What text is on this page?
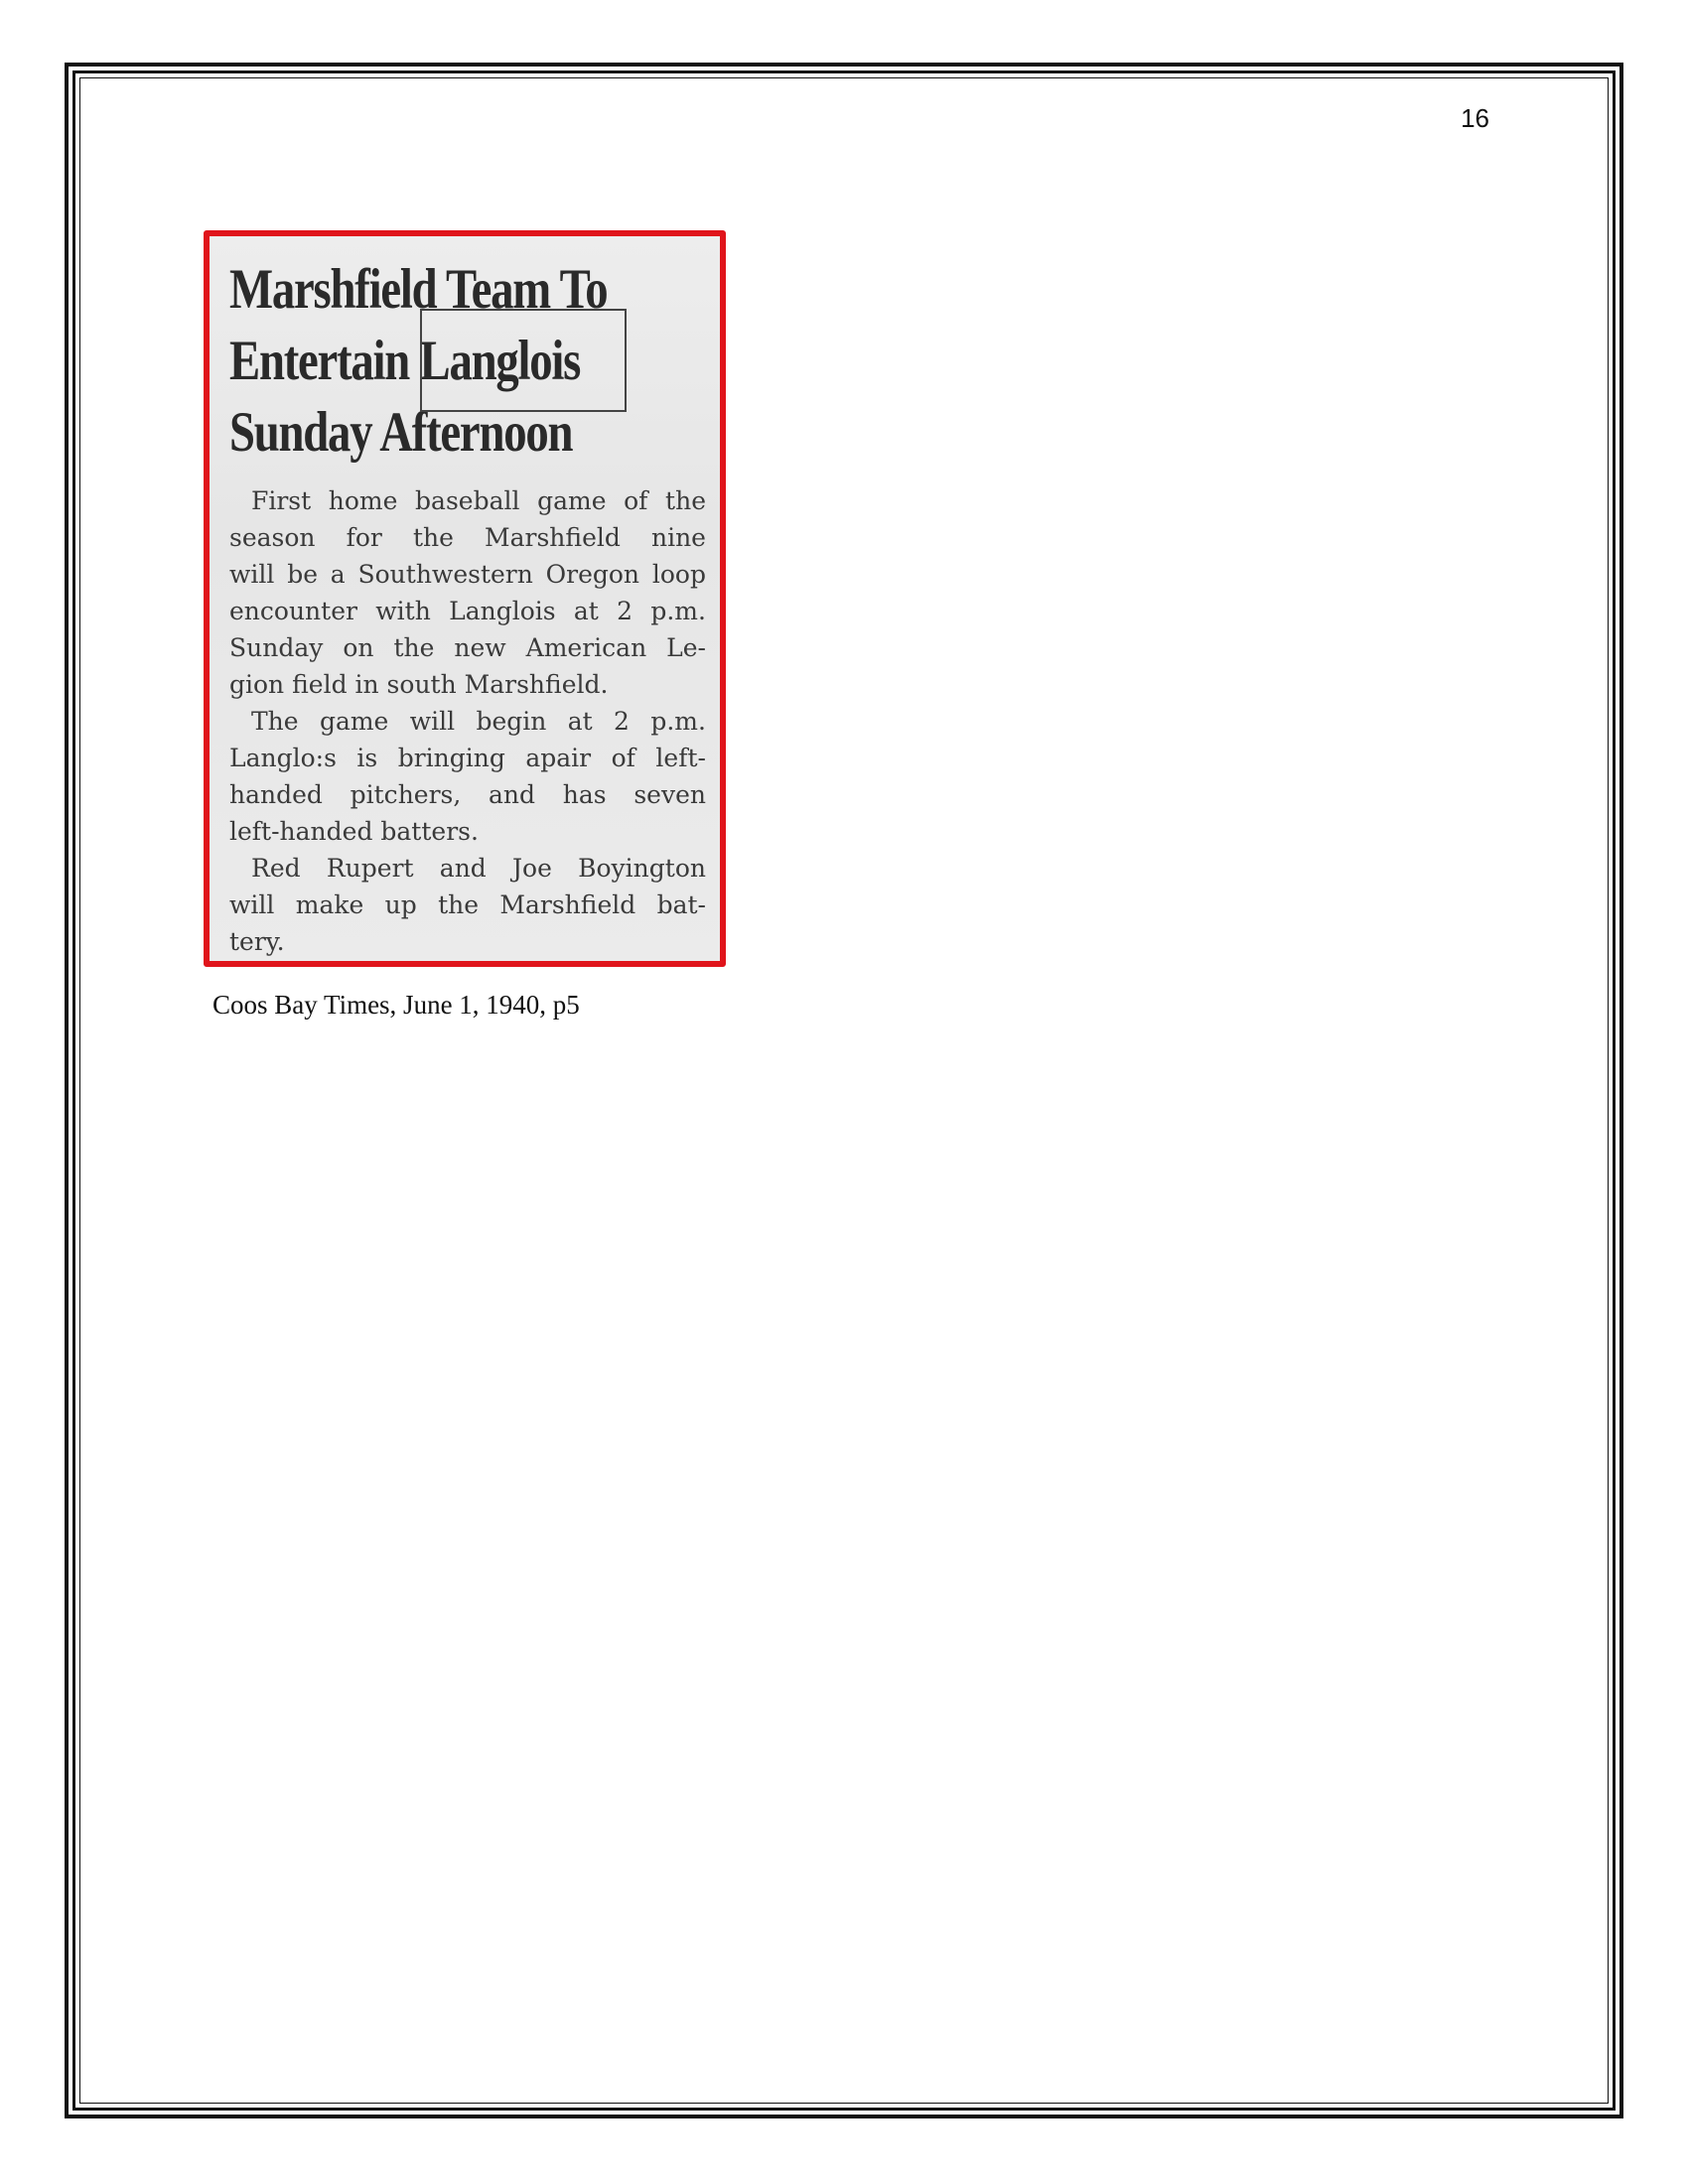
16
Marshfield Team To
Entertain Langlois
Sunday Afternoon
First home baseball game of the
season for the Marshfield nine
will be a Southwestern Oregon loop
encounter with Langlois at 2 p.m.
Sunday on the new American Le-
gion field in south Marshfield.
The game will begin at 2 p.m.
Langlo:s is bringing apair of left-
handed pitchers, and has seven
left-handed batters.
Red Rupert and Joe Boyington
will make up the Marshfield bat-
tery.
Coos Bay Times, June 1, 1940, p5
